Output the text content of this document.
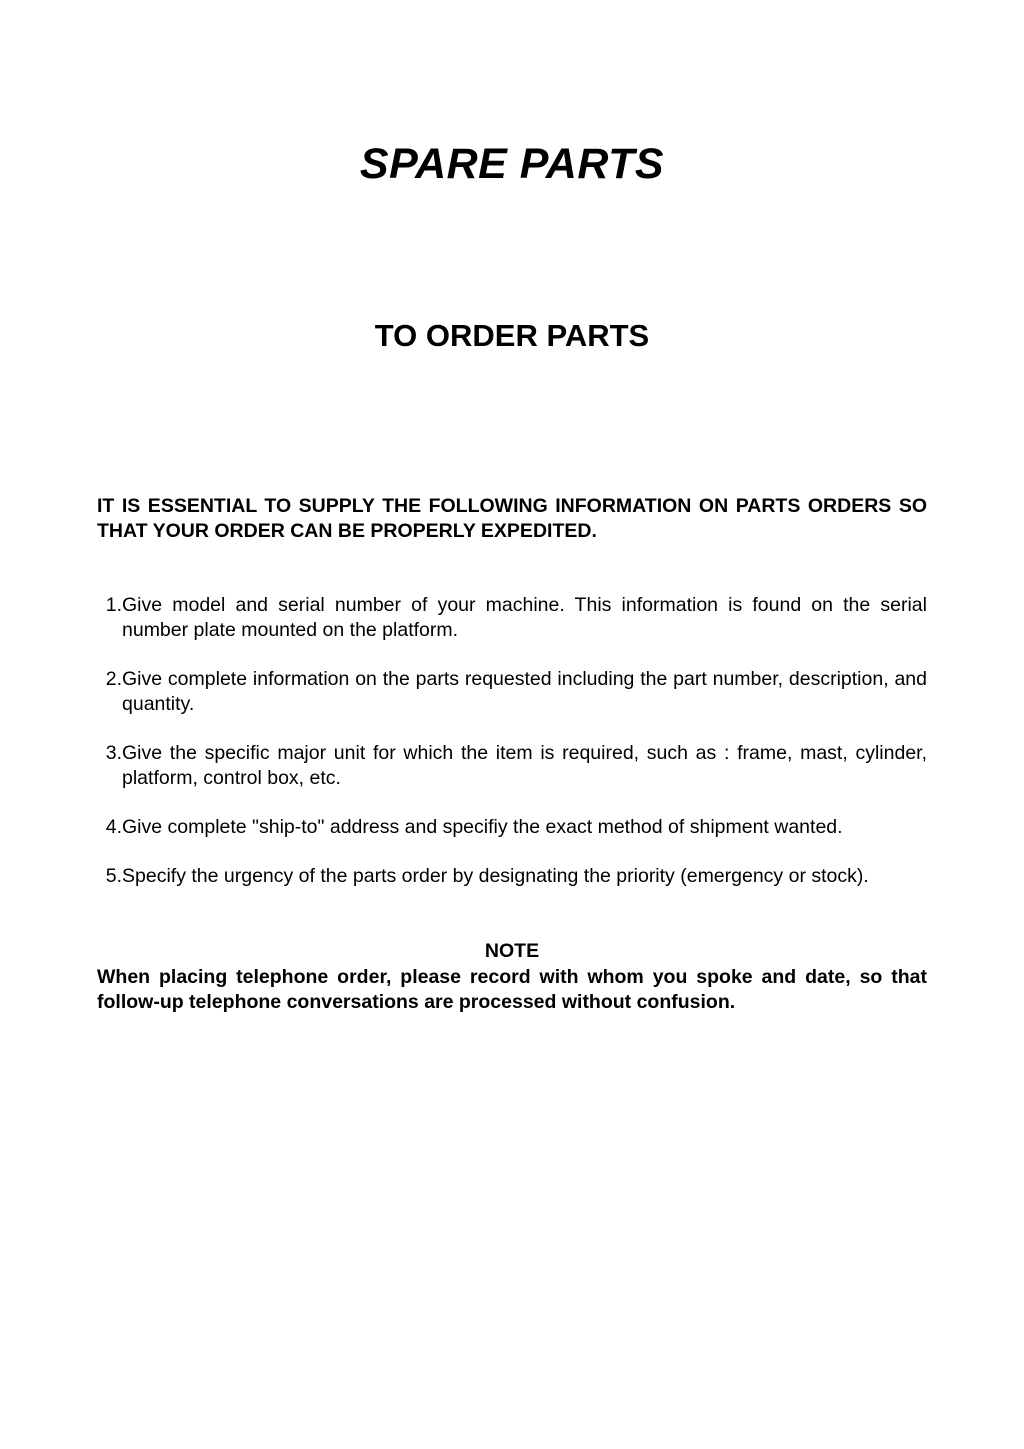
SPARE PARTS
TO ORDER PARTS

IT IS ESSENTIAL TO SUPPLY THE FOLLOWING INFORMATION ON PARTS ORDERS SO THAT YOUR ORDER CAN BE PROPERLY EXPEDITED.

1. Give model and serial number of your machine. This information is found on the serial number plate mounted on the platform.
2. Give complete information on the parts requested including the part number, description, and quantity.
3. Give the specific major unit for which the item is required, such as : frame, mast, cylinder, platform, control box, etc.
4. Give complete "ship-to" address and specifiy the exact method of shipment wanted.
5. Specify the urgency of the parts order by designating the priority (emergency or stock).

NOTE

When placing telephone order, please record with whom you spoke and date, so that follow-up telephone conversations are processed without confusion.
